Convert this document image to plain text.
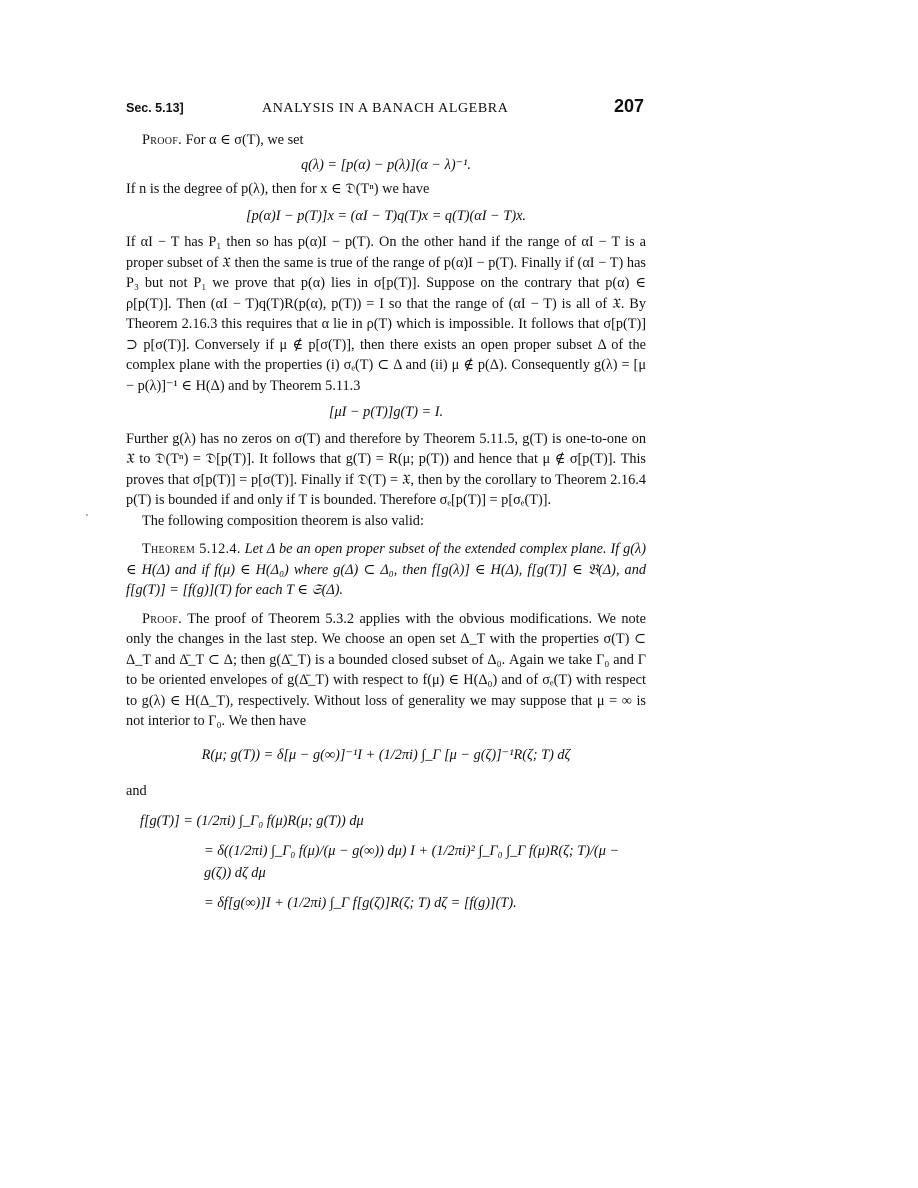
Sec. 5.13]	ANALYSIS IN A BANACH ALGEBRA	207

Proof. For α ∈ σ(T), we set

q(λ) = [p(α) − p(λ)](α − λ)⁻¹.

If n is the degree of p(λ), then for x ∈ 𝔇(Tⁿ) we have

[p(α)I − p(T)]x = (αI − T)q(T)x = q(T)(αI − T)x.

If αI − T has P₁ then so has p(α)I − p(T). On the other hand if the range of αI − T is a proper subset of 𝔛 then the same is true of the range of p(α)I − p(T). Finally if (αI − T) has P₃ but not P₁ we prove that p(α) lies in σ[p(T)]. Suppose on the contrary that p(α) ∈ ρ[p(T)]. Then (αI − T)q(T)R(p(α), p(T)) = I so that the range of (αI − T) is all of 𝔛. By Theorem 2.16.3 this requires that α lie in ρ(T) which is impossible. It follows that σ[p(T)] ⊃ p[σ(T)]. Conversely if μ ∉ p[σ(T)], then there exists an open proper subset Δ of the complex plane with the properties (i) σₑ(T) ⊂ Δ and (ii) μ ∉ p(Δ). Consequently g(λ) = [μ − p(λ)]⁻¹ ∈ H(Δ) and by Theorem 5.11.3

[μI − p(T)]g(T) = I.

Further g(λ) has no zeros on σ(T) and therefore by Theorem 5.11.5, g(T) is one-to-one on 𝔛 to 𝔇(Tⁿ) = 𝔇[p(T)]. It follows that g(T) = R(μ; p(T)) and hence that μ ∉ σ[p(T)]. This proves that σ[p(T)] = p[σ(T)]. Finally if 𝔇(T) = 𝔛, then by the corollary to Theorem 2.16.4 p(T) is bounded if and only if T is bounded. Therefore σₑ[p(T)] = p[σₑ(T)].

The following composition theorem is also valid:

Theorem 5.12.4. Let Δ be an open proper subset of the extended complex plane. If g(λ) ∈ H(Δ) and if f(μ) ∈ H(Δ₀) where g(Δ) ⊂ Δ₀, then f[g(λ)] ∈ H(Δ), f[g(T)] ∈ 𝔅(Δ), and f[g(T)] = [f(g)](T) for each T ∈ 𝔖(Δ).

Proof. The proof of Theorem 5.3.2 applies with the obvious modifications. We note only the changes in the last step. We choose an open set Δ_T with the properties σ(T) ⊂ Δ_T and Δ̄_T ⊂ Δ; then g(Δ̄_T) is a bounded closed subset of Δ₀. Again we take Γ₀ and Γ to be oriented envelopes of g(Δ̄_T) with respect to f(μ) ∈ H(Δ₀) and of σₑ(T) with respect to g(λ) ∈ H(Δ_T), respectively. Without loss of generality we may suppose that μ = ∞ is not interior to Γ₀. We then have

R(μ; g(T)) = δ[μ − g(∞)]⁻¹I + (1/2πi) ∫_Γ [μ − g(ζ)]⁻¹R(ζ; T) dζ
and
f[g(T)] = (1/2πi) ∫_Γ₀ f(μ)R(μ; g(T)) dμ
= δ((1/2πi) ∫_Γ₀ f(μ)/(μ − g(∞)) dμ) I + (1/2πi)² ∫_Γ₀ ∫_Γ f(μ)R(ζ; T)/(μ − g(ζ)) dζ dμ
= δf[g(∞)]I + (1/2πi) ∫_Γ f[g(ζ)]R(ζ; T) dζ = [f(g)](T).
